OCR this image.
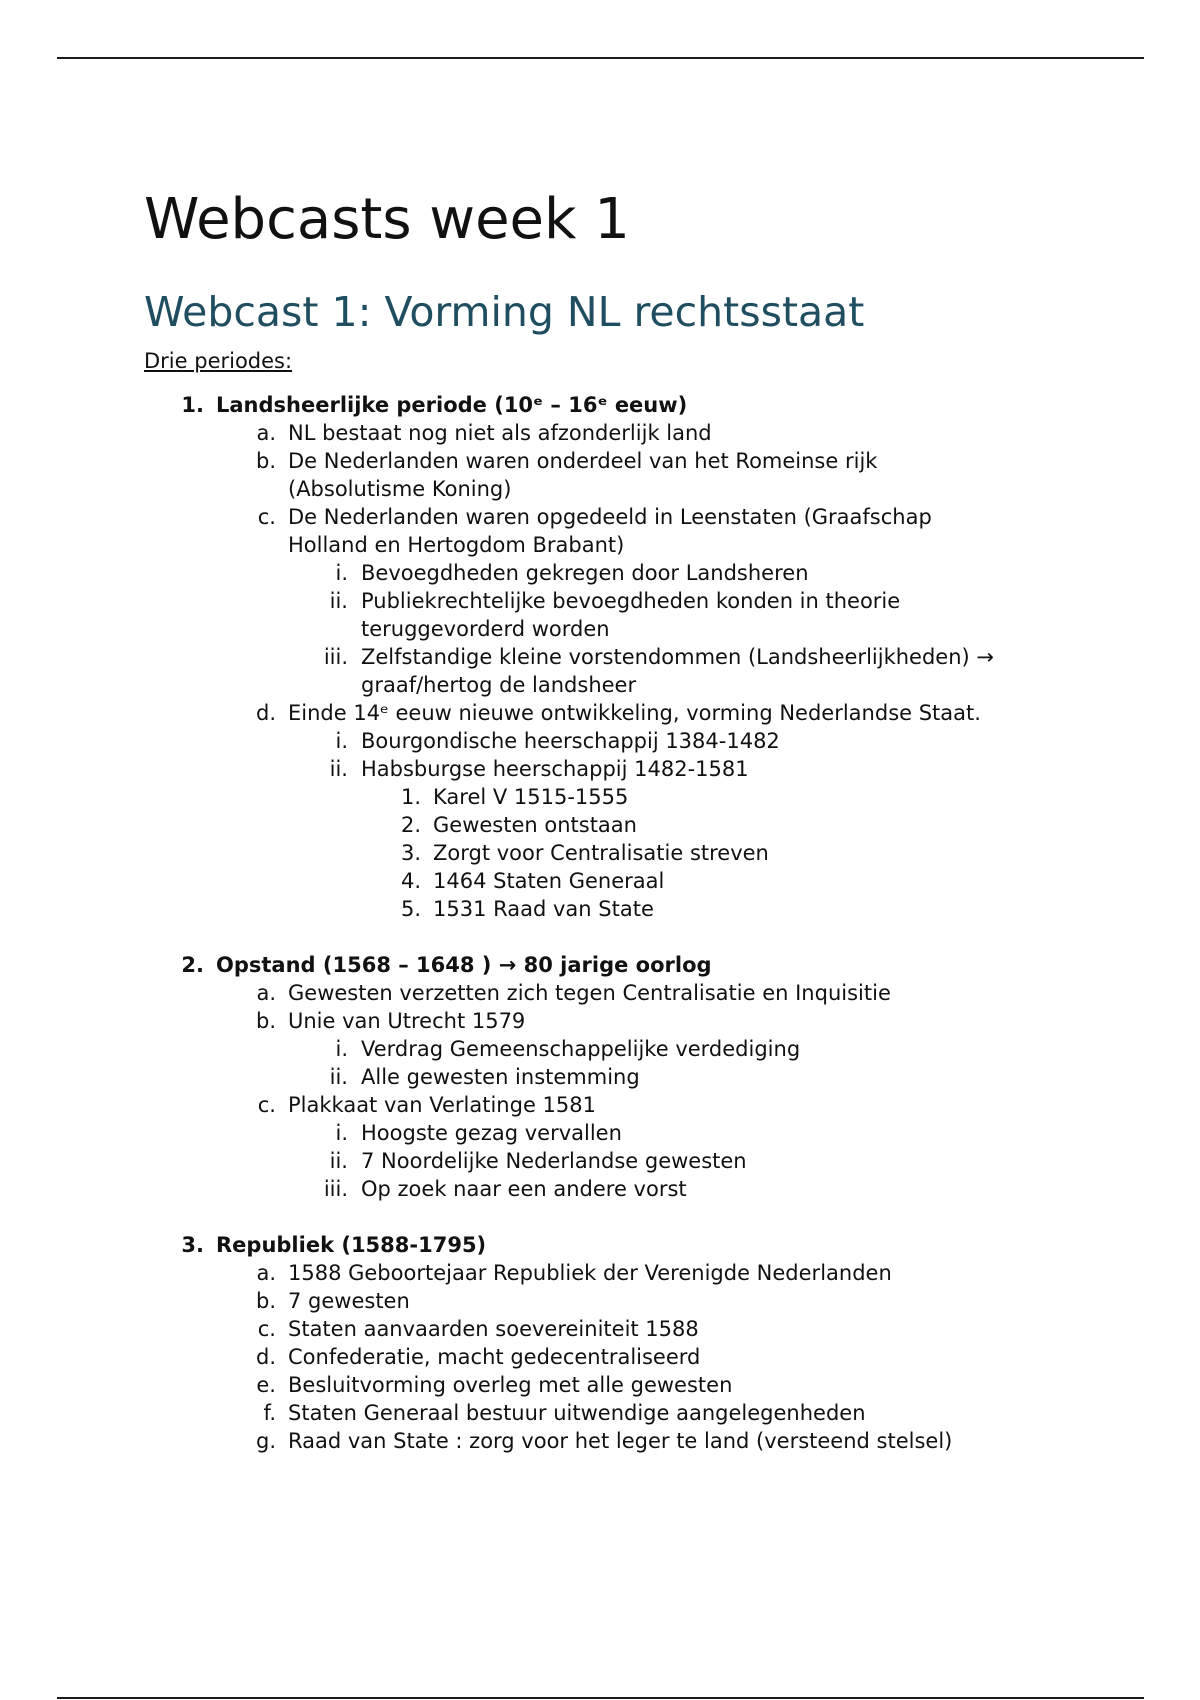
Webcasts week 1
Webcast 1: Vorming NL rechtsstaat

Drie periodes:

1. Landsheerlijke periode (10ᵉ – 16ᵉ eeuw)
a. NL bestaat nog niet als afzonderlijk land
b. De Nederlanden waren onderdeel van het Romeinse rijk
(Absolutisme Koning)
c. De Nederlanden waren opgedeeld in Leenstaten (Graafschap
Holland en Hertogdom Brabant)
i. Bevoegdheden gekregen door Landsheren
ii. Publiekrechtelijke bevoegdheden konden in theorie
teruggevorderd worden
iii. Zelfstandige kleine vorstendommen (Landsheerlijkheden) →
graaf/hertog de landsheer
d. Einde 14ᵉ eeuw nieuwe ontwikkeling, vorming Nederlandse Staat.
i. Bourgondische heerschappij 1384-1482
ii. Habsburgse heerschappij 1482-1581
1. Karel V 1515-1555
2. Gewesten ontstaan
3. Zorgt voor Centralisatie streven
4. 1464 Staten Generaal
5. 1531 Raad van State
2. Opstand (1568 – 1648 ) → 80 jarige oorlog
a. Gewesten verzetten zich tegen Centralisatie en Inquisitie
b. Unie van Utrecht 1579
i. Verdrag Gemeenschappelijke verdediging
ii. Alle gewesten instemming
c. Plakkaat van Verlatinge 1581
i. Hoogste gezag vervallen
ii. 7 Noordelijke Nederlandse gewesten
iii. Op zoek naar een andere vorst
3. Republiek (1588-1795)
a. 1588 Geboortejaar Republiek der Verenigde Nederlanden
b. 7 gewesten
c. Staten aanvaarden soevereiniteit 1588
d. Confederatie, macht gedecentraliseerd
e. Besluitvorming overleg met alle gewesten
f. Staten Generaal bestuur uitwendige aangelegenheden
g. Raad van State : zorg voor het leger te land (versteend stelsel)
